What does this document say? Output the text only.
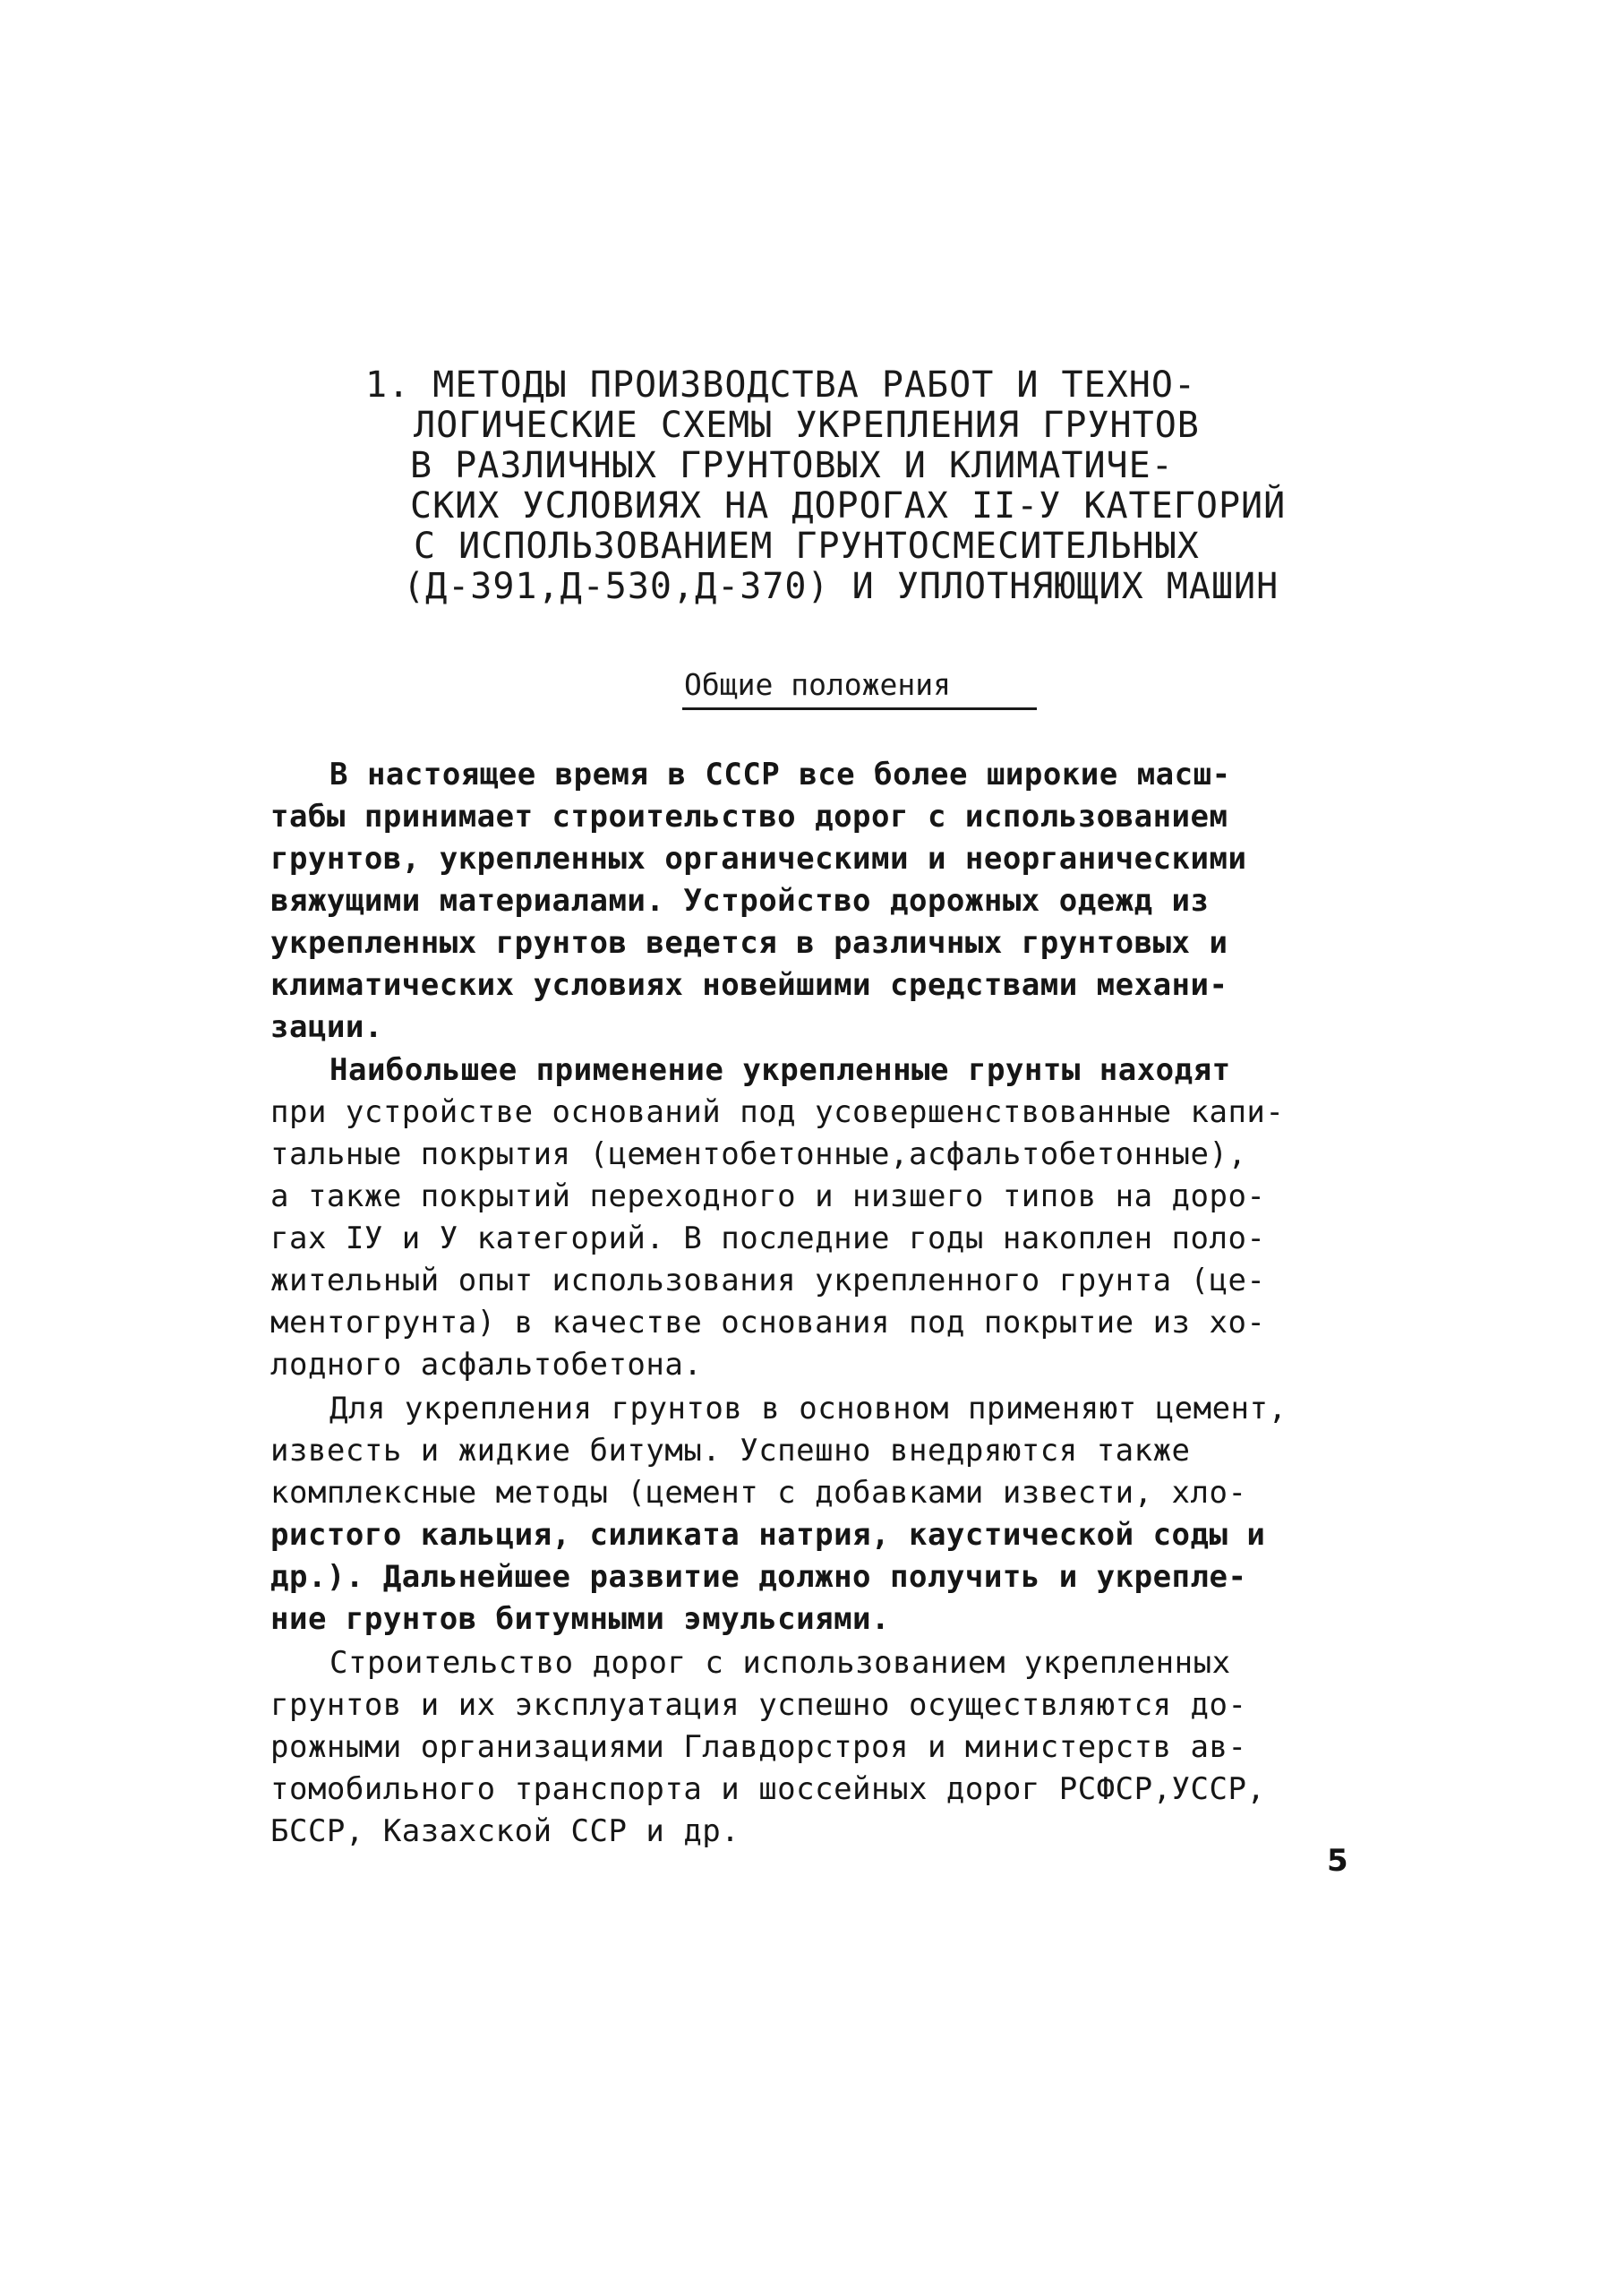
1. МЕТОДЫ ПРОИЗВОДСТВА РАБОТ И ТЕХНО-
ЛОГИЧЕСКИЕ СХЕМЫ УКРЕПЛЕНИЯ ГРУНТОВ
В РАЗЛИЧНЫХ ГРУНТОВЫХ И КЛИМАТИЧЕ-
СКИХ УСЛОВИЯХ НА ДОРОГАХ II-У КАТЕГОРИЙ
С ИСПОЛЬЗОВАНИЕМ ГРУНТОСМЕСИТЕЛЬНЫХ
(Д-391,Д-530,Д-370) И УПЛОТНЯЮЩИХ МАШИН
Общие положения
В настоящее время в СССР все более широкие масш-
табы принимает строительство дорог с использованием
грунтов, укрепленных органическими и неорганическими
вяжущими материалами. Устройство дорожных одежд из
укрепленных грунтов ведется в различных грунтовых и
климатических условиях новейшими средствами механи-
зации.
Наибольшее применение укрепленные грунты находят
при устройстве оснований под усовершенствованные капи-
тальные покрытия (цементобетонные,асфальтобетонные),
а также покрытий переходного и низшего типов на доро-
гах IУ и У категорий. В последние годы накоплен поло-
жительный опыт использования укрепленного грунта (це-
ментогрунта) в качестве основания под покрытие из хо-
лодного асфальтобетона.
Для укрепления грунтов в основном применяют цемент,
известь и жидкие битумы. Успешно внедряются также
комплексные методы (цемент с добавками извести, хло-
ристого кальция, силиката натрия, каустической соды и
др.). Дальнейшее развитие должно получить и укрепле-
ние грунтов битумными эмульсиями.
Строительство дорог с использованием укрепленных
грунтов и их эксплуатация успешно осуществляются до-
рожными организациями Главдорстроя и министерств ав-
томобильного транспорта и шоссейных дорог РСФСР,УССР,
БССР, Казахской ССР и др.
5
